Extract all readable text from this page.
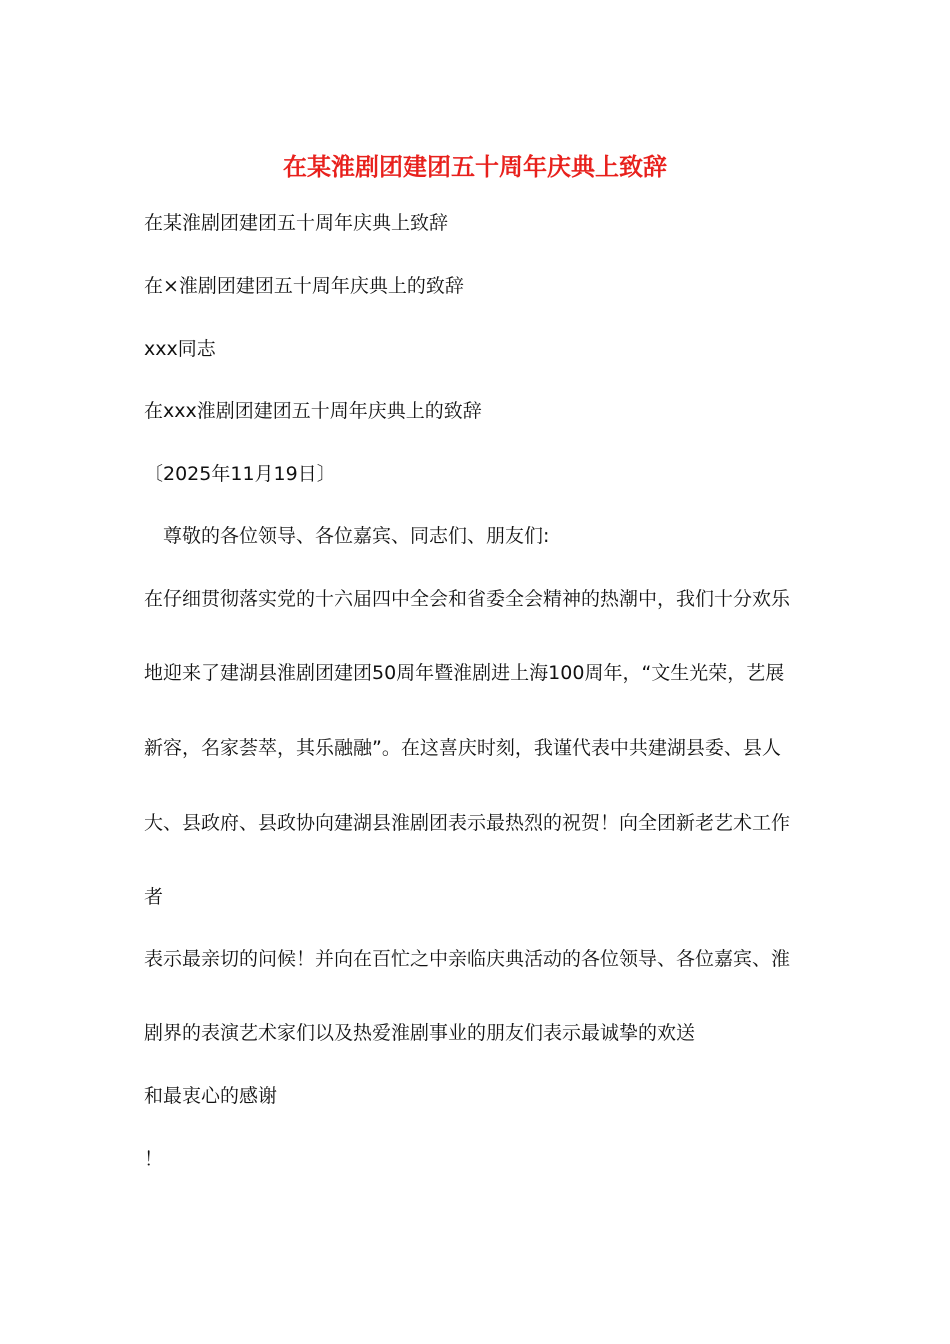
在某淮剧团建团五十周年庆典上致辞

在某淮剧团建团五十周年庆典上致辞

在×淮剧团建团五十周年庆典上的致辞

xxx同志

在xxx淮剧团建团五十周年庆典上的致辞

〔2025年11月19日〕

尊敬的各位领导、各位嘉宾、同志们、朋友们:

在仔细贯彻落实党的十六届四中全会和省委全会精神的热潮中，我们十分欢乐

地迎来了建湖县淮剧团建团50周年暨淮剧进上海100周年，“文生光荣，艺展

新容，名家荟萃，其乐融融”。在这喜庆时刻，我谨代表中共建湖县委、县人

大、县政府、县政协向建湖县淮剧团表示最热烈的祝贺！向全团新老艺术工作

者

表示最亲切的问候！并向在百忙之中亲临庆典活动的各位领导、各位嘉宾、淮

剧界的表演艺术家们以及热爱淮剧事业的朋友们表示最诚挚的欢送

和最衷心的感谢

！
